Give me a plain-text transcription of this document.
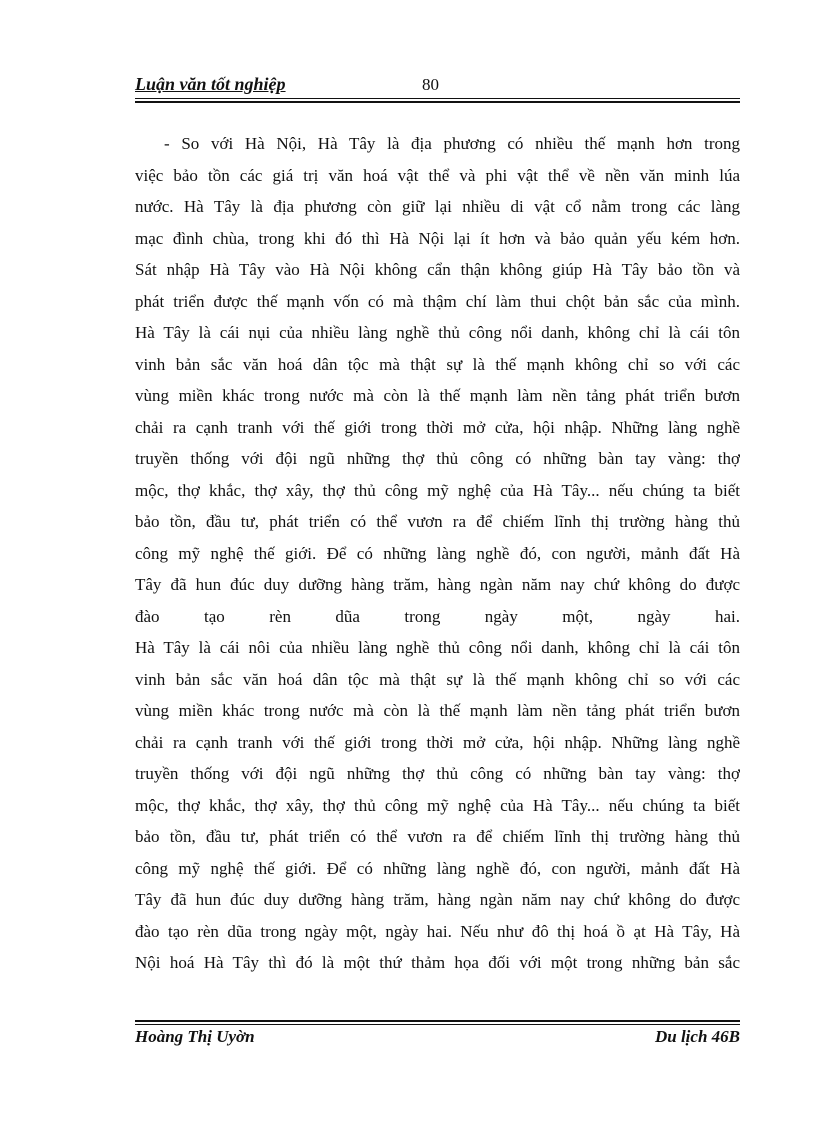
Luận văn tốt nghiệp	80

- So với Hà Nội, Hà Tây là địa phương có nhiều thế mạnh hơn trong
việc bảo tồn các giá trị văn hoá vật thể và phi vật thể về nền văn minh lúa
nước. Hà Tây là địa phương còn giữ lại nhiều di vật cổ nằm trong các làng
mạc đình chùa, trong khi đó thì Hà Nội lại ít hơn và bảo quản yếu kém hơn.
Sát nhập Hà Tây vào Hà Nội không cẩn thận không giúp Hà Tây bảo tồn và
phát triển được thế mạnh vốn có mà thậm chí làm thui chột bản sắc của mình.
Hà Tây là cái nụi của nhiều làng nghề thủ công nổi danh, không chỉ là cái tôn
vinh bản sắc văn hoá dân tộc mà thật sự là thế mạnh không chỉ so với các
vùng miền khác trong nước mà còn là thế mạnh làm nền tảng phát triển bươn
chải ra cạnh tranh với thế giới trong thời mở cửa, hội nhập. Những làng nghề
truyền thống với đội ngũ những thợ thủ công có những bàn tay vàng: thợ
mộc, thợ khắc, thợ xây, thợ thủ công mỹ nghệ của Hà Tây... nếu chúng ta biết
bảo tồn, đầu tư, phát triển có thể vươn ra để chiếm lĩnh thị trường hàng thủ
công mỹ nghệ thế giới. Để có những làng nghề đó, con người, mảnh đất Hà
Tây đã hun đúc duy dưỡng hàng trăm, hàng ngàn năm nay chứ không do được
đào tạo rèn dũa trong ngày một, ngày hai.
Hà Tây là cái nôi của nhiều làng nghề thủ công nổi danh, không chỉ là cái tôn
vinh bản sắc văn hoá dân tộc mà thật sự là thế mạnh không chỉ so với các
vùng miền khác trong nước mà còn là thế mạnh làm nền tảng phát triển bươn
chải ra cạnh tranh với thế giới trong thời mở cửa, hội nhập. Những làng nghề
truyền thống với đội ngũ những thợ thủ công có những bàn tay vàng: thợ
mộc, thợ khắc, thợ xây, thợ thủ công mỹ nghệ của Hà Tây... nếu chúng ta biết
bảo tồn, đầu tư, phát triển có thể vươn ra để chiếm lĩnh thị trường hàng thủ
công mỹ nghệ thế giới. Để có những làng nghề đó, con người, mảnh đất Hà
Tây đã hun đúc duy dưỡng hàng trăm, hàng ngàn năm nay chứ không do được
đào tạo rèn dũa trong ngày một, ngày hai. Nếu như đô thị hoá ồ ạt Hà Tây, Hà
Nội hoá Hà Tây thì đó là một thứ thảm họa đối với một trong những bản sắc

Hoàng Thị Uyờn	Du lịch 46B
